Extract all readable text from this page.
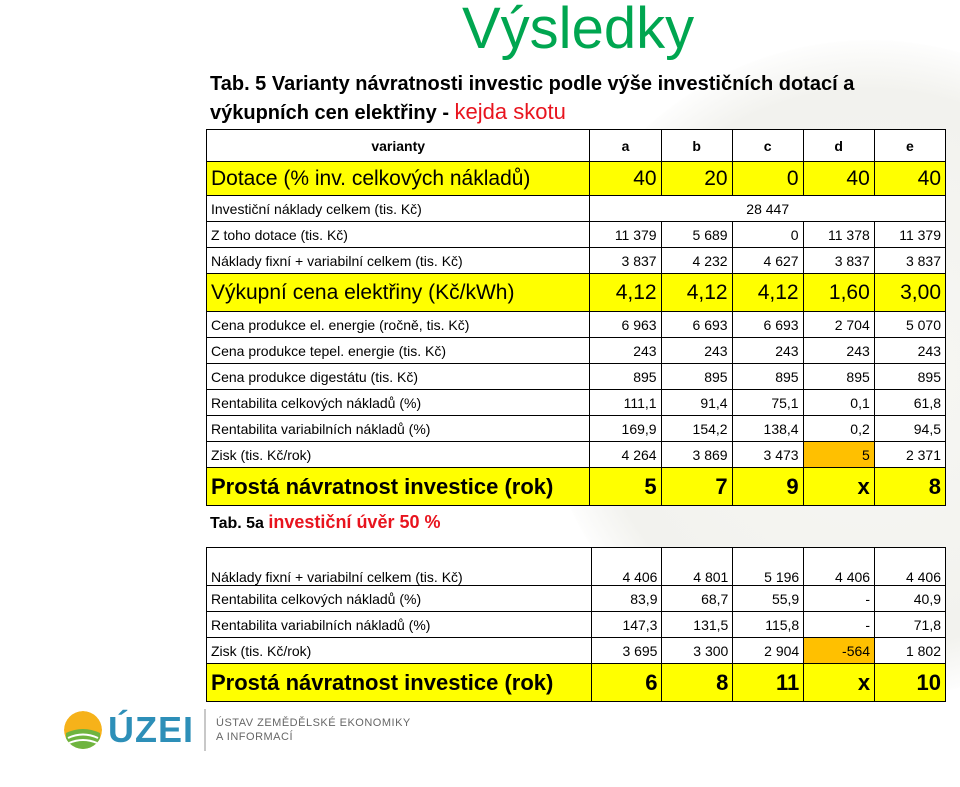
Výsledky

Tab. 5 Varianty návratnosti investic podle výše investičních dotací a výkupních cen elektřiny - kejda skotu

varianty	a	b	c	d	e
Dotace (% inv. celkových nákladů)	40	20	0	40	40
Investiční náklady celkem (tis. Kč)	28 447				
Z toho dotace (tis. Kč)	11 379	5 689	0	11 378	11 379
Náklady fixní + variabilní celkem (tis. Kč)	3 837	4 232	4 627	3 837	3 837
Výkupní cena elektřiny (Kč/kWh)	4,12	4,12	4,12	1,60	3,00
Cena produkce el. energie (ročně, tis. Kč)	6 963	6 693	6 693	2 704	5 070
Cena produkce tepel. energie (tis. Kč)	243	243	243	243	243
Cena produkce digestátu (tis. Kč)	895	895	895	895	895
Rentabilita celkových nákladů (%)	111,1	91,4	75,1	0,1	61,8
Rentabilita variabilních nákladů (%)	169,9	154,2	138,4	0,2	94,5
Zisk (tis. Kč/rok)	4 264	3 869	3 473	5	2 371
Prostá návratnost investice (rok)	5	7	9	x	8
Tab. 5a investiční úvěr 50 %
Náklady fixní + variabilní celkem (tis. Kč)	4 406	4 801	5 196	4 406	4 406
Rentabilita celkových nákladů (%)	83,9	68,7	55,9	-	40,9
Rentabilita variabilních nákladů (%)	147,3	131,5	115,8	-	71,8
Zisk (tis. Kč/rok)	3 695	3 300	2 904	-564	1 802
Prostá návratnost investice (rok)	6	8	11	x	10
ÚZEI ÚSTAV ZEMĚDĚLSKÉ EKONOMIKY
A INFORMACÍ
